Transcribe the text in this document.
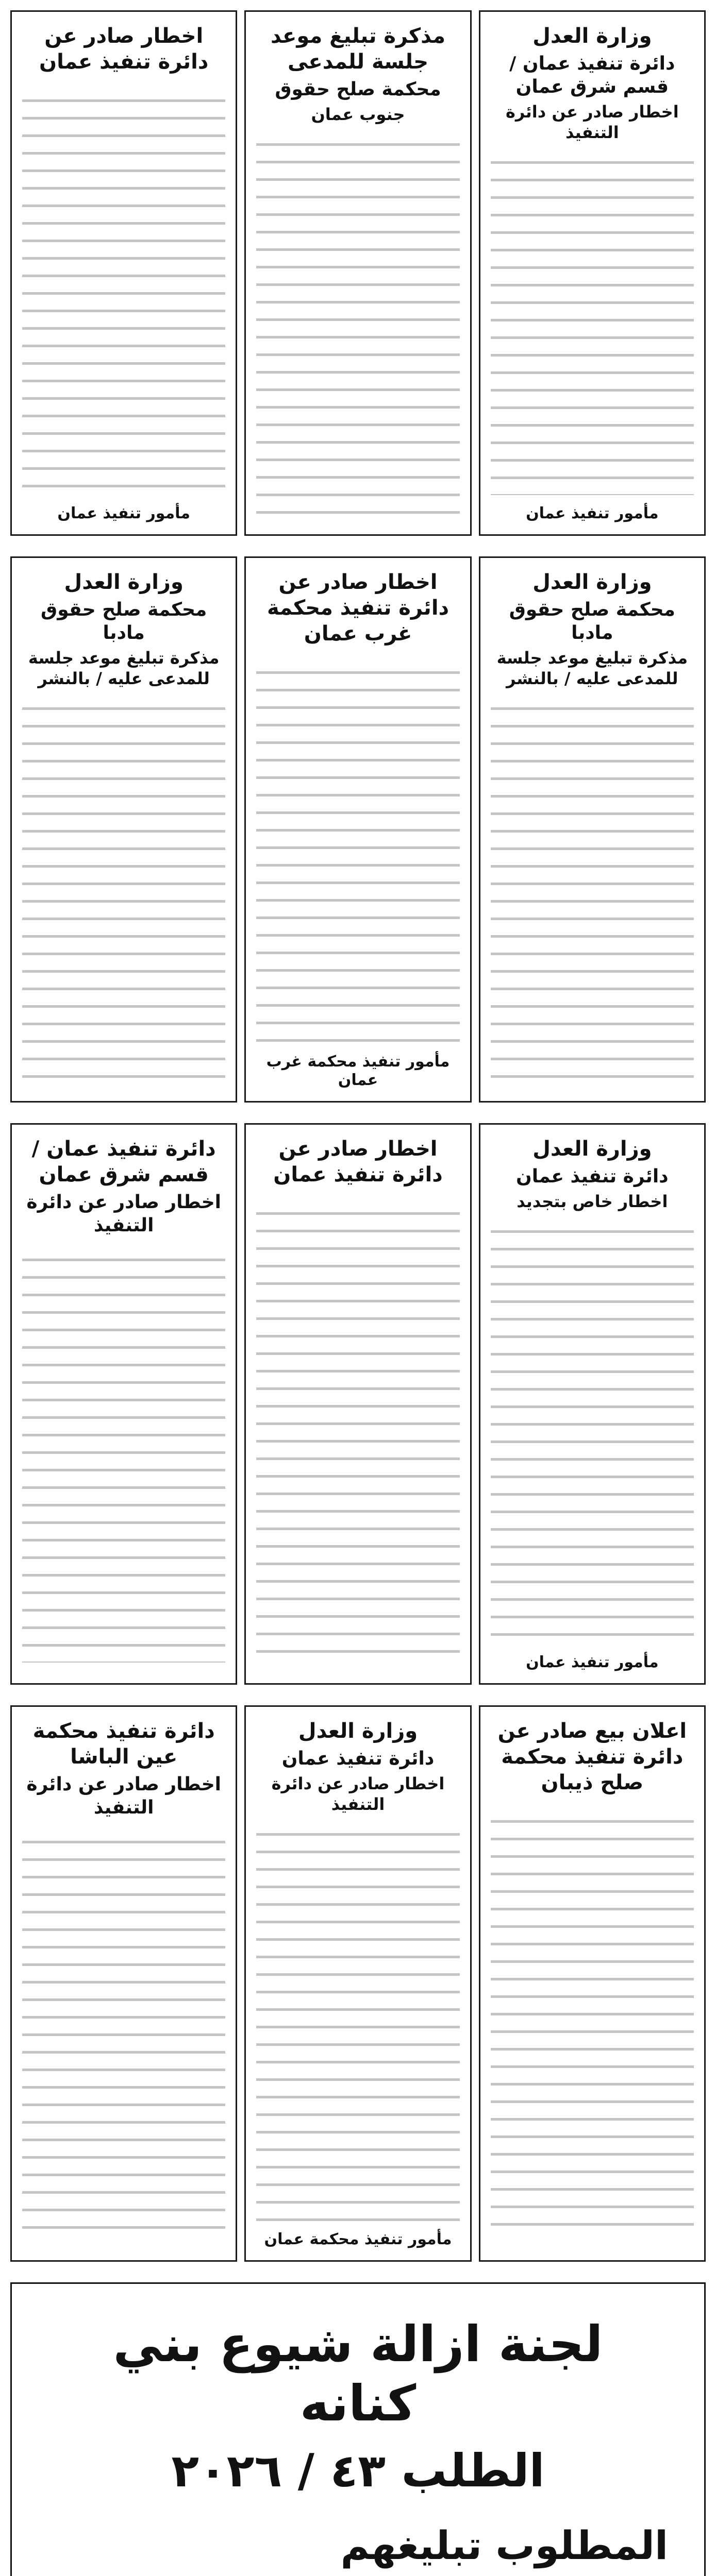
وزارة العدل
دائرة تنفيذ عمان / قسم شرق عمان
اخطار صادر عن دائرة التنفيذ
مأمور تنفيذ عمان
مذكرة تبليغ موعد جلسة للمدعى
محكمة صلح حقوق
جنوب عمان
اخطار صادر عن دائرة تنفيذ عمان
مأمور تنفيذ عمان
وزارة العدل
محكمة صلح حقوق مادبا
مذكرة تبليغ موعد جلسة للمدعى عليه / بالنشر
اخطار صادر عن دائرة تنفيذ محكمة غرب عمان
مأمور تنفيذ محكمة غرب عمان
وزارة العدل
محكمة صلح حقوق مادبا
مذكرة تبليغ موعد جلسة للمدعى عليه / بالنشر
وزارة العدل
دائرة تنفيذ عمان
اخطار خاص بتجديد
مأمور تنفيذ عمان
اخطار صادر عن دائرة تنفيذ عمان
دائرة تنفيذ عمان / قسم شرق عمان
اخطار صادر عن دائرة التنفيذ
اعلان بيع صادر عن دائرة تنفيذ محكمة صلح ذيبان
وزارة العدل
دائرة تنفيذ عمان
اخطار صادر عن دائرة التنفيذ
مأمور تنفيذ محكمة عمان
دائرة تنفيذ محكمة عين الباشا
اخطار صادر عن دائرة التنفيذ
لجنة ازالة شيوع بني كنانه
الطلب ٤٣ / ٢٠٢٦
المطلوب تبليغهم
